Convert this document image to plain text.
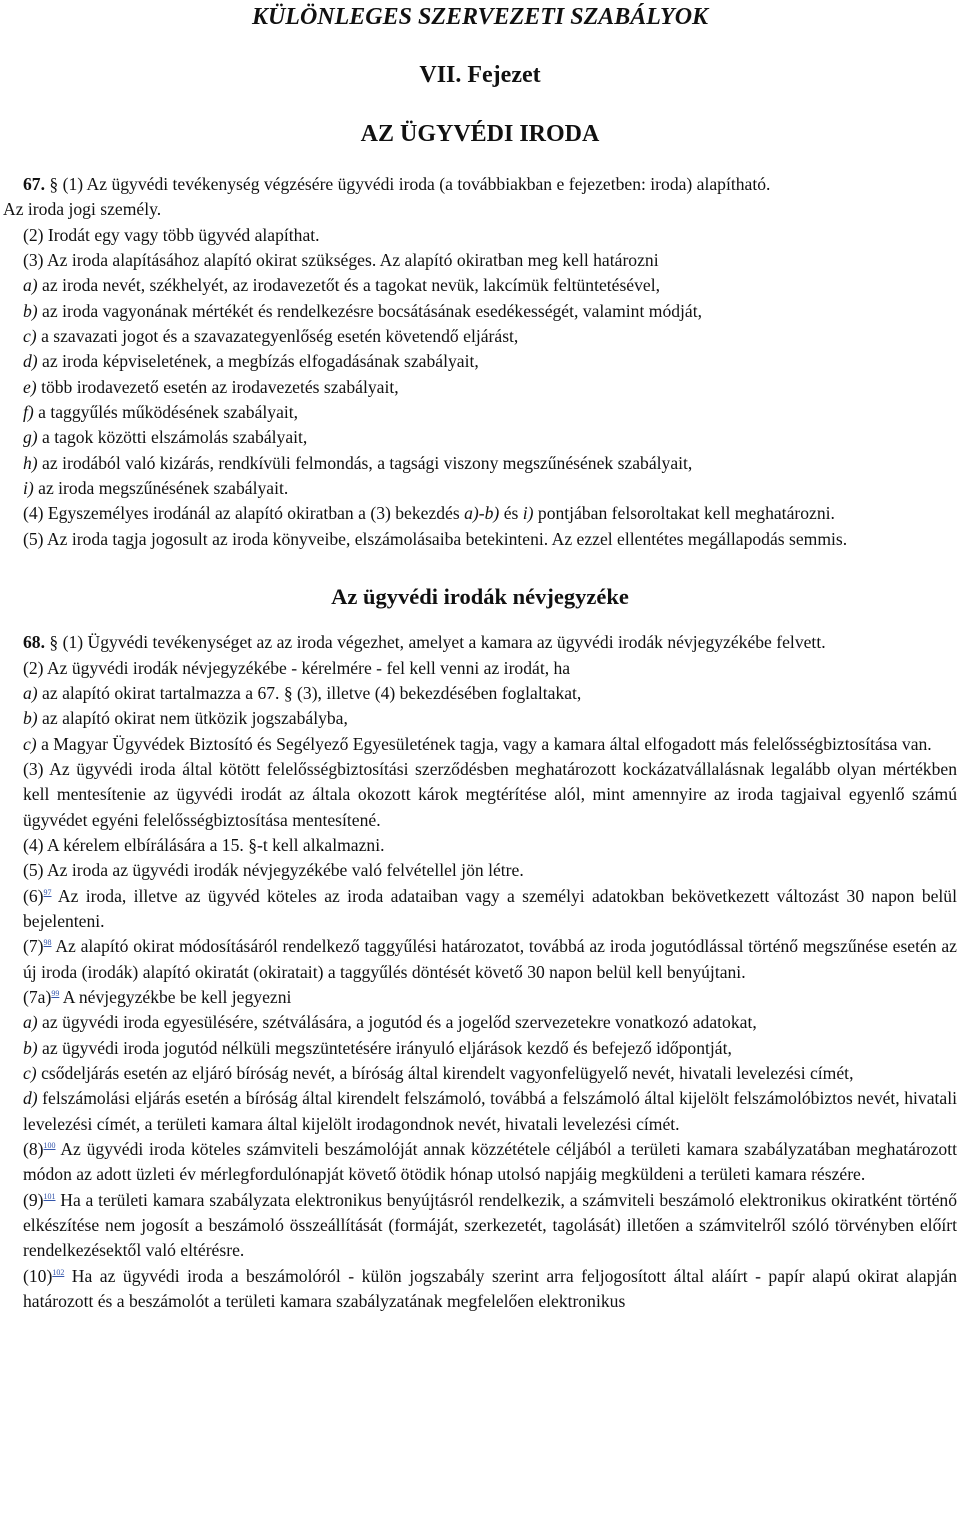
KÜLÖNLEGES SZERVEZETI SZABÁLYOK
VII. Fejezet
AZ ÜGYVÉDI IRODA
67. § (1) Az ügyvédi tevékenység végzésére ügyvédi iroda (a továbbiakban e fejezetben: iroda) alapítható.
Az iroda jogi személy.
(2) Irodát egy vagy több ügyvéd alapíthat.
(3) Az iroda alapításához alapító okirat szükséges. Az alapító okiratban meg kell határozni
a) az iroda nevét, székhelyét, az irodavezetőt és a tagokat nevük, lakcímük feltüntetésével,
b) az iroda vagyonának mértékét és rendelkezésre bocsátásának esedékességét, valamint módját,
c) a szavazati jogot és a szavazategyenlőség esetén követendő eljárást,
d) az iroda képviseletének, a megbízás elfogadásának szabályait,
e) több irodavezető esetén az irodavezetés szabályait,
f) a taggyűlés működésének szabályait,
g) a tagok közötti elszámolás szabályait,
h) az irodából való kizárás, rendkívüli felmondás, a tagsági viszony megszűnésének szabályait,
i) az iroda megszűnésének szabályait.
(4) Egyszemélyes irodánál az alapító okiratban a (3) bekezdés a)-b) és i) pontjában felsoroltakat kell meghatározni.
(5) Az iroda tagja jogosult az iroda könyveibe, elszámolásaiba betekinteni. Az ezzel ellentétes megállapodás semmis.
Az ügyvédi irodák névjegyzéke
68. § (1) Ügyvédi tevékenységet az az iroda végezhet, amelyet a kamara az ügyvédi irodák névjegyzékébe felvett.
(2) Az ügyvédi irodák névjegyzékébe - kérelmére - fel kell venni az irodát, ha
a) az alapító okirat tartalmazza a 67. § (3), illetve (4) bekezdésében foglaltakat,
b) az alapító okirat nem ütközik jogszabályba,
c) a Magyar Ügyvédek Biztosító és Segélyező Egyesületének tagja, vagy a kamara által elfogadott más felelősségbiztosítása van.
(3) Az ügyvédi iroda által kötött felelősségbiztosítási szerződésben meghatározott kockázatvállalásnak legalább olyan mértékben kell mentesítenie az ügyvédi irodát az általa okozott károk megtérítése alól, mint amennyire az iroda tagjaival egyenlő számú ügyvédet egyéni felelősségbiztosítása mentesítené.
(4) A kérelem elbírálására a 15. §-t kell alkalmazni.
(5) Az iroda az ügyvédi irodák névjegyzékébe való felvétellel jön létre.
(6)$^{97}$ Az iroda, illetve az ügyvéd köteles az iroda adataiban vagy a személyi adatokban bekövetkezett változást 30 napon belül bejelenteni.
(7)$^{98}$ Az alapító okirat módosításáról rendelkező taggyűlési határozatot, továbbá az iroda jogutódlással történő megszűnése esetén az új iroda (irodák) alapító okiratát (okiratait) a taggyűlés döntését követő 30 napon belül kell benyújtani.
(7a)$^{99}$ A névjegyzékbe be kell jegyezni
a) az ügyvédi iroda egyesülésére, szétválására, a jogutód és a jogelőd szervezetekre vonatkozó adatokat,
b) az ügyvédi iroda jogutód nélküli megszüntetésére irányuló eljárások kezdő és befejező időpontját,
c) csődeljárás esetén az eljáró bíróság nevét, a bíróság által kirendelt vagyonfelügyelő nevét, hivatali levelezési címét,
d) felszámolási eljárás esetén a bíróság által kirendelt felszámoló, továbbá a felszámoló által kijelölt felszámolóbiztos nevét, hivatali levelezési címét, a területi kamara által kijelölt irodagondnok nevét, hivatali levelezési címét.
(8)$^{100}$ Az ügyvédi iroda köteles számviteli beszámolóját annak közzététele céljából a területi kamara szabályzatában meghatározott módon az adott üzleti év mérlegfordulónapját követő ötödik hónap utolsó napjáig megküldeni a területi kamara részére.
(9)$^{101}$ Ha a területi kamara szabályzata elektronikus benyújtásról rendelkezik, a számviteli beszámoló elektronikus okiratként történő elkészítése nem jogosít a beszámoló összeállítását (formáját, szerkezetét, tagolását) illetően a számvitelről szóló törvényben előírt rendelkezésektől való eltérésre.
(10)$^{102}$ Ha az ügyvédi iroda a beszámolóról - külön jogszabály szerint arra feljogosított által aláírt - papír alapú okirat alapján határozott és a beszámolót a területi kamara szabályzatának megfelelően elektronikus
